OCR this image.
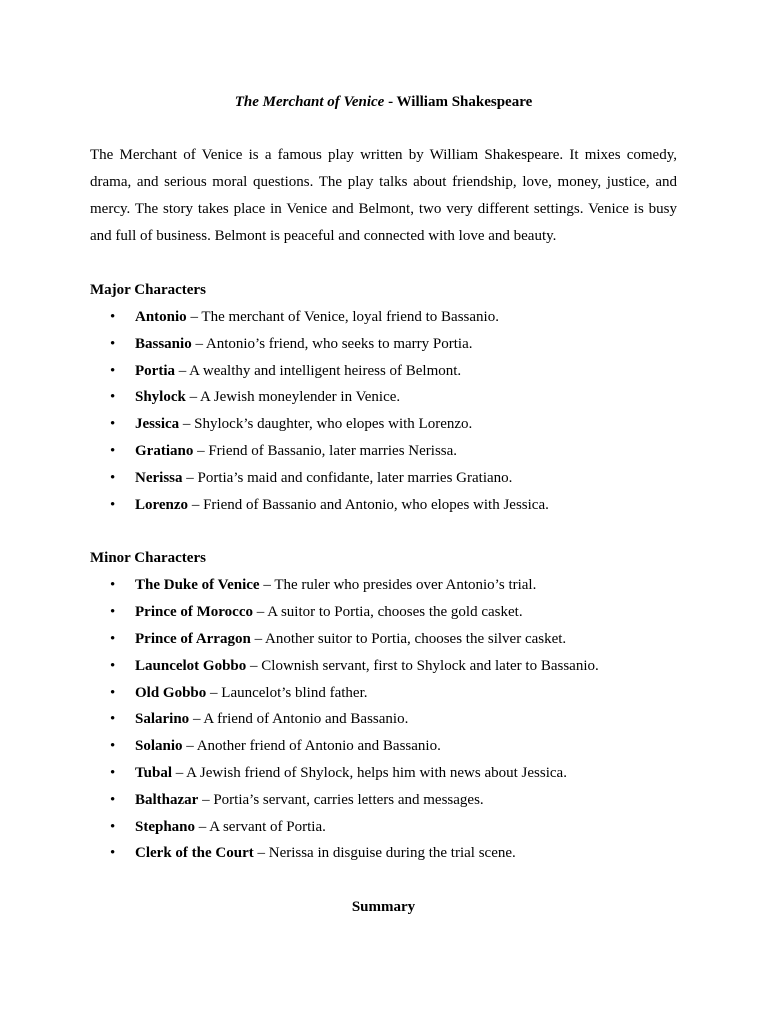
The Merchant of Venice - William Shakespeare

The Merchant of Venice is a famous play written by William Shakespeare. It mixes comedy, drama, and serious moral questions. The play talks about friendship, love, money, justice, and mercy. The story takes place in Venice and Belmont, two very different settings. Venice is busy and full of business. Belmont is peaceful and connected with love and beauty.

Major Characters
• Antonio – The merchant of Venice, loyal friend to Bassanio.
• Bassanio – Antonio’s friend, who seeks to marry Portia.
• Portia – A wealthy and intelligent heiress of Belmont.
• Shylock – A Jewish moneylender in Venice.
• Jessica – Shylock’s daughter, who elopes with Lorenzo.
• Gratiano – Friend of Bassanio, later marries Nerissa.
• Nerissa – Portia’s maid and confidante, later marries Gratiano.
• Lorenzo – Friend of Bassanio and Antonio, who elopes with Jessica.
Minor Characters
• The Duke of Venice – The ruler who presides over Antonio’s trial.
• Prince of Morocco – A suitor to Portia, chooses the gold casket.
• Prince of Arragon – Another suitor to Portia, chooses the silver casket.
• Launcelot Gobbo – Clownish servant, first to Shylock and later to Bassanio.
• Old Gobbo – Launcelot’s blind father.
• Salarino – A friend of Antonio and Bassanio.
• Solanio – Another friend of Antonio and Bassanio.
• Tubal – A Jewish friend of Shylock, helps him with news about Jessica.
• Balthazar – Portia’s servant, carries letters and messages.
• Stephano – A servant of Portia.
• Clerk of the Court – Nerissa in disguise during the trial scene.
Summary
